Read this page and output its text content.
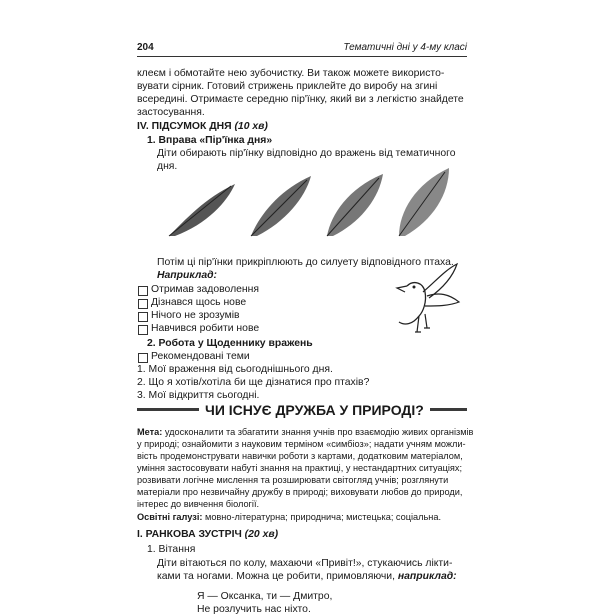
204	Тематичні дні у 4-му класі
клеєм і обмотайте нею зубочистку. Ви також можете використо-
вувати сірник. Готовий стрижень приклейте до виробу на згині
всередині. Отримаєте середню пір'їнку, який ви з легкістю знайдете
застосування.
IV. ПІДСУМОК ДНЯ (10 хв)
1. Вправа «Пір'їнка дня»
Діти обирають пір'їнку відповідно до вражень від тематичного
дня.
Потім ці пір'їнки прикріплюють до силуету відповідного птаха.
Наприклад:
Отримав задоволення
Дізнався щось нове
Нічого не зрозумів
Навчився робити нове
2. Робота у Щоденнику вражень
Рекомендовані теми
1. Мої враження від сьогоднішнього дня.
2. Що я хотів/хотіла би ще дізнатися про птахів?
3. Мої відкриття сьогодні.
ЧИ ІСНУЄ ДРУЖБА У ПРИРОДІ?
Мета: удосконалити та збагатити знання учнів про взаємодію живих організмів
у природі; ознайомити з науковим терміном «симбіоз»; надати учням можли-
вість продемонструвати навички роботи з картами, додатковим матеріалом,
уміння застосовувати набуті знання на практиці, у нестандартних ситуаціях;
розвивати логічне мислення та розширювати світогляд учнів; розглянути
матеріали про незвичайну дружбу в природі; виховувати любов до природи,
інтерес до вивчення біології.
Освітні галузі: мовно-літературна; природнича; мистецька; соціальна.
I. РАНКОВА ЗУСТРІЧ (20 хв)
1. Вітання
Діти вітаються по колу, махаючи «Привіт!», стукаючись лікти-
ками та ногами. Можна це робити, примовляючи, наприклад:
Я — Оксанка, ти — Дмитро,
Не розлучить нас ніхто.
